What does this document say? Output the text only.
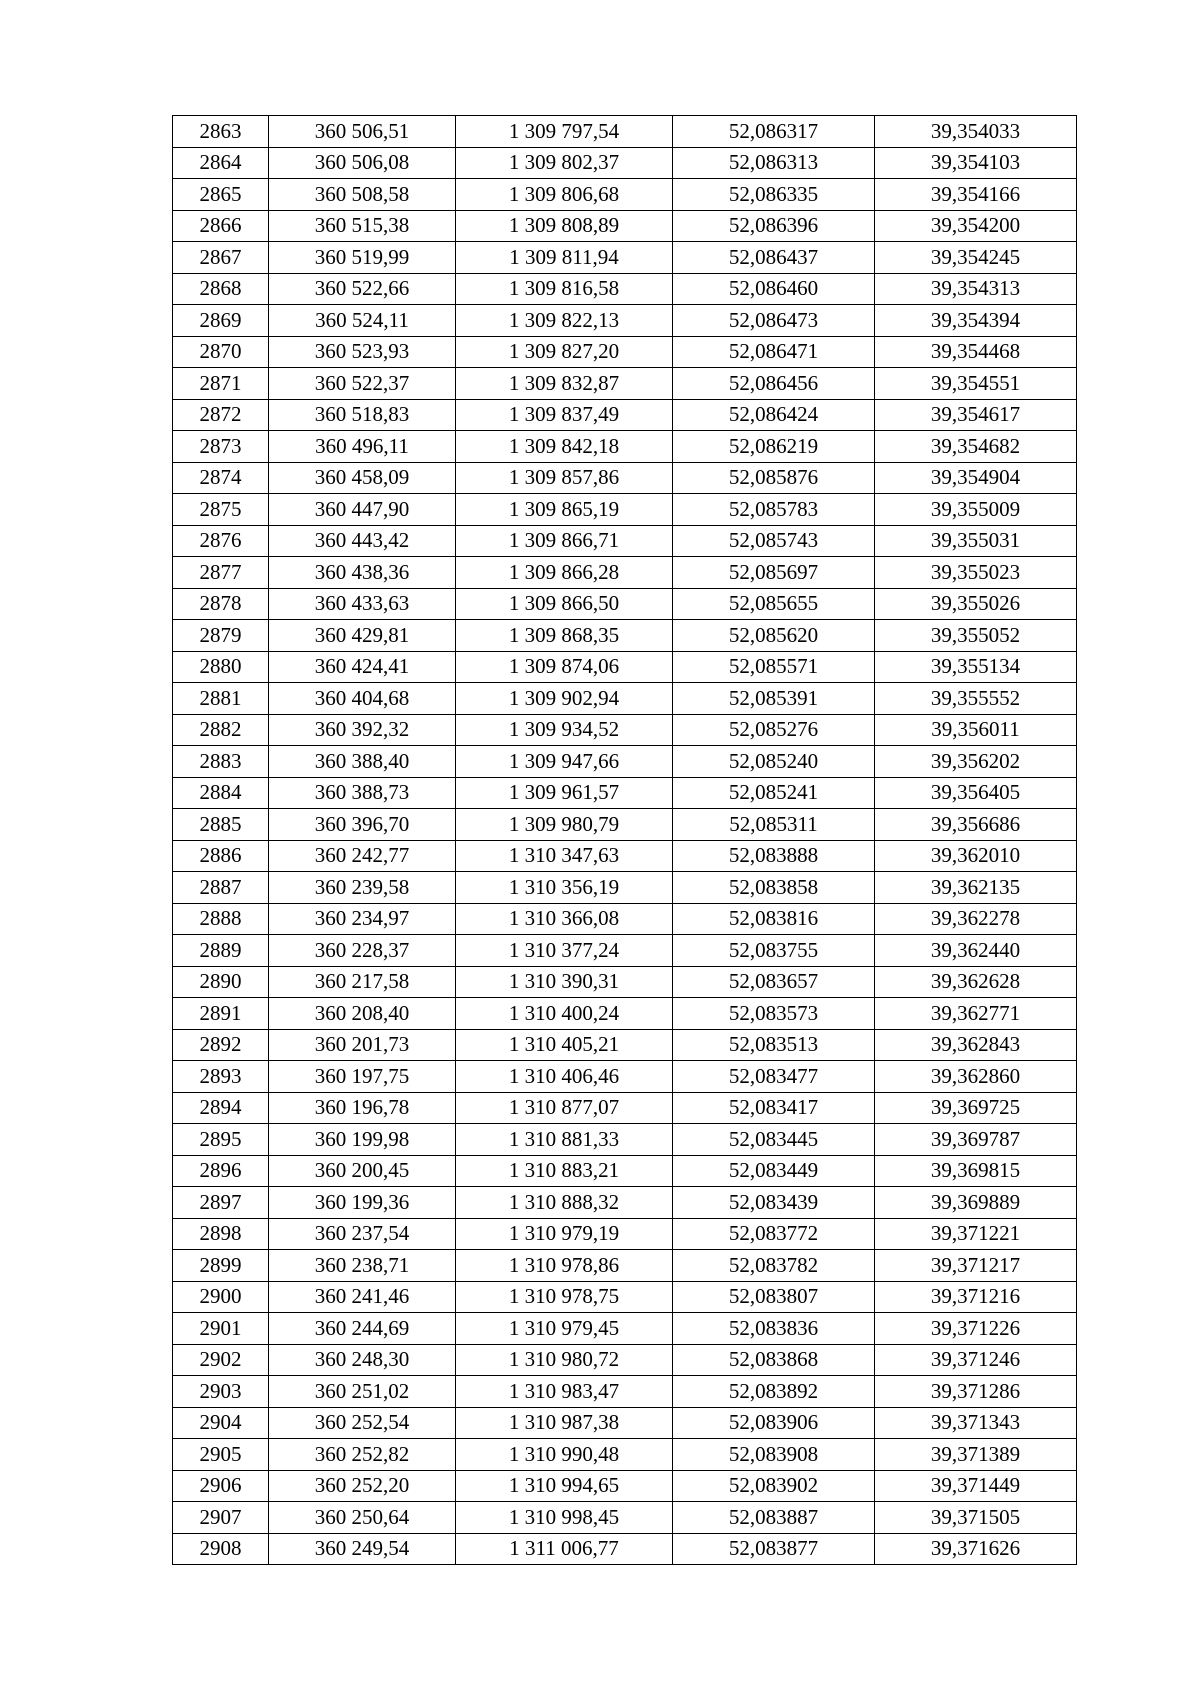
2863	360 506,51	1 309 797,54	52,086317	39,354033
2864	360 506,08	1 309 802,37	52,086313	39,354103
2865	360 508,58	1 309 806,68	52,086335	39,354166
2866	360 515,38	1 309 808,89	52,086396	39,354200
2867	360 519,99	1 309 811,94	52,086437	39,354245
2868	360 522,66	1 309 816,58	52,086460	39,354313
2869	360 524,11	1 309 822,13	52,086473	39,354394
2870	360 523,93	1 309 827,20	52,086471	39,354468
2871	360 522,37	1 309 832,87	52,086456	39,354551
2872	360 518,83	1 309 837,49	52,086424	39,354617
2873	360 496,11	1 309 842,18	52,086219	39,354682
2874	360 458,09	1 309 857,86	52,085876	39,354904
2875	360 447,90	1 309 865,19	52,085783	39,355009
2876	360 443,42	1 309 866,71	52,085743	39,355031
2877	360 438,36	1 309 866,28	52,085697	39,355023
2878	360 433,63	1 309 866,50	52,085655	39,355026
2879	360 429,81	1 309 868,35	52,085620	39,355052
2880	360 424,41	1 309 874,06	52,085571	39,355134
2881	360 404,68	1 309 902,94	52,085391	39,355552
2882	360 392,32	1 309 934,52	52,085276	39,356011
2883	360 388,40	1 309 947,66	52,085240	39,356202
2884	360 388,73	1 309 961,57	52,085241	39,356405
2885	360 396,70	1 309 980,79	52,085311	39,356686
2886	360 242,77	1 310 347,63	52,083888	39,362010
2887	360 239,58	1 310 356,19	52,083858	39,362135
2888	360 234,97	1 310 366,08	52,083816	39,362278
2889	360 228,37	1 310 377,24	52,083755	39,362440
2890	360 217,58	1 310 390,31	52,083657	39,362628
2891	360 208,40	1 310 400,24	52,083573	39,362771
2892	360 201,73	1 310 405,21	52,083513	39,362843
2893	360 197,75	1 310 406,46	52,083477	39,362860
2894	360 196,78	1 310 877,07	52,083417	39,369725
2895	360 199,98	1 310 881,33	52,083445	39,369787
2896	360 200,45	1 310 883,21	52,083449	39,369815
2897	360 199,36	1 310 888,32	52,083439	39,369889
2898	360 237,54	1 310 979,19	52,083772	39,371221
2899	360 238,71	1 310 978,86	52,083782	39,371217
2900	360 241,46	1 310 978,75	52,083807	39,371216
2901	360 244,69	1 310 979,45	52,083836	39,371226
2902	360 248,30	1 310 980,72	52,083868	39,371246
2903	360 251,02	1 310 983,47	52,083892	39,371286
2904	360 252,54	1 310 987,38	52,083906	39,371343
2905	360 252,82	1 310 990,48	52,083908	39,371389
2906	360 252,20	1 310 994,65	52,083902	39,371449
2907	360 250,64	1 310 998,45	52,083887	39,371505
2908	360 249,54	1 311 006,77	52,083877	39,371626
